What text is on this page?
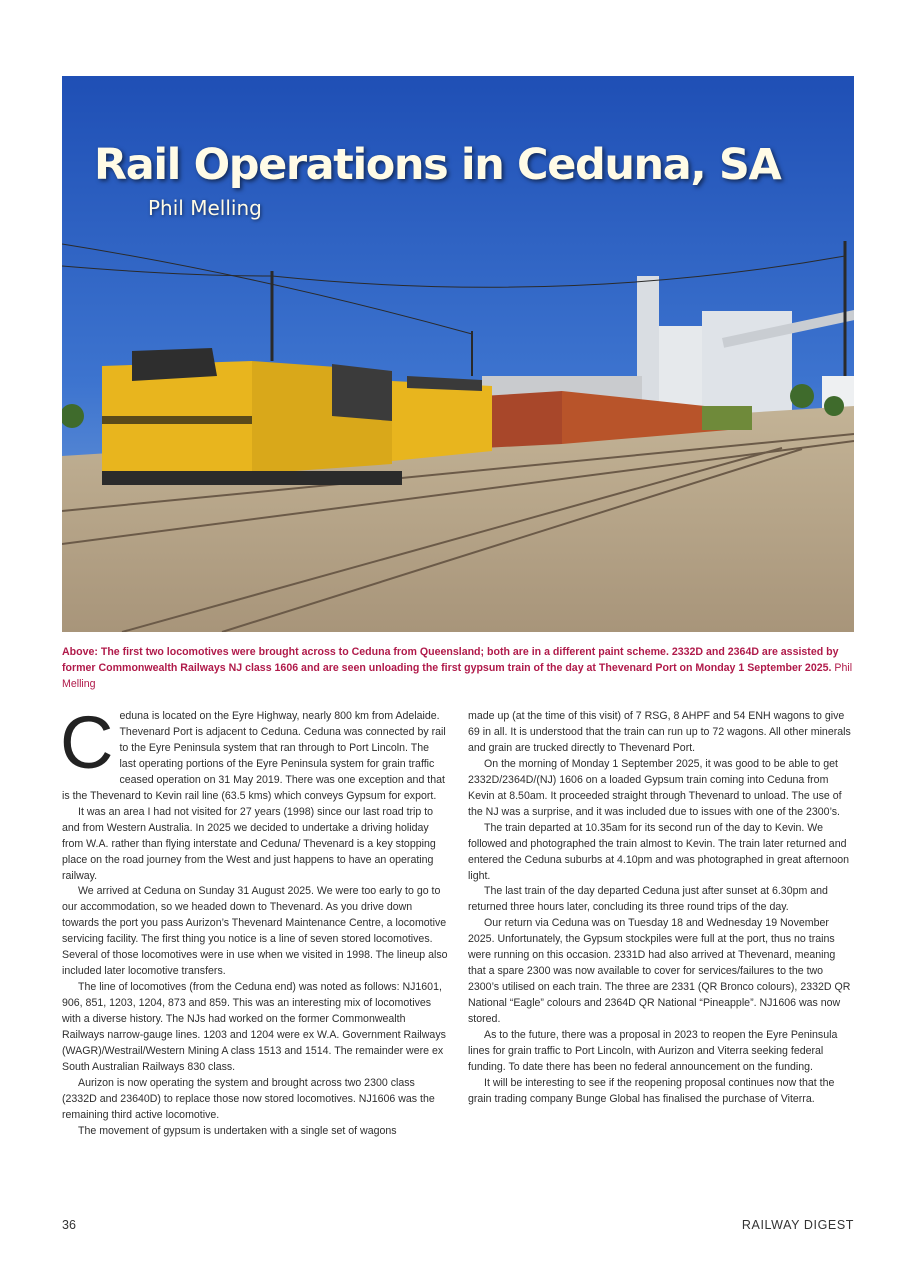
Rail Operations in Ceduna, SA
Phil Melling
Above: The first two locomotives were brought across to Ceduna from Queensland; both are in a different paint scheme. 2332D and 2364D are assisted by former Commonwealth Railways NJ class 1606 and are seen unloading the first gypsum train of the day at Thevenard Port on Monday 1 September 2025. Phil Melling

Ceduna is located on the Eyre Highway, nearly 800 km from Adelaide. Thevenard Port is adjacent to Ceduna. Ceduna was connected by rail to the Eyre Peninsula system that ran through to Port Lincoln. The last operating portions of the Eyre Peninsula system for grain traffic ceased operation on 31 May 2019. There was one exception and that is the Thevenard to Kevin rail line (63.5 kms) which conveys Gypsum for export.

It was an area I had not visited for 27 years (1998) since our last road trip to and from Western Australia. In 2025 we decided to undertake a driving holiday from W.A. rather than flying interstate and Ceduna/ Thevenard is a key stopping place on the road journey from the West and just happens to have an operating railway.

We arrived at Ceduna on Sunday 31 August 2025. We were too early to go to our accommodation, so we headed down to Thevenard. As you drive down towards the port you pass Aurizon’s Thevenard Maintenance Centre, a locomotive servicing facility. The first thing you notice is a line of seven stored locomotives. Several of those locomotives were in use when we visited in 1998. The lineup also included later locomotive transfers.

The line of locomotives (from the Ceduna end) was noted as follows: NJ1601, 906, 851, 1203, 1204, 873 and 859. This was an interesting mix of locomotives with a diverse history. The NJs had worked on the former Commonwealth Railways narrow-gauge lines. 1203 and 1204 were ex W.A. Government Railways (WAGR)/Westrail/Western Mining A class 1513 and 1514. The remainder were ex South Australian Railways 830 class.

Aurizon is now operating the system and brought across two 2300 class (2332D and 23640D) to replace those now stored locomotives. NJ1606 was the remaining third active locomotive.

The movement of gypsum is undertaken with a single set of wagons

made up (at the time of this visit) of 7 RSG, 8 AHPF and 54 ENH wagons to give 69 in all. It is understood that the train can run up to 72 wagons. All other minerals and grain are trucked directly to Thevenard Port.

On the morning of Monday 1 September 2025, it was good to be able to get 2332D/2364D/(NJ) 1606 on a loaded Gypsum train coming into Ceduna from Kevin at 8.50am. It proceeded straight through Thevenard to unload. The use of the NJ was a surprise, and it was included due to issues with one of the 2300’s.

The train departed at 10.35am for its second run of the day to Kevin. We followed and photographed the train almost to Kevin. The train later returned and entered the Ceduna suburbs at 4.10pm and was photographed in great afternoon light.

The last train of the day departed Ceduna just after sunset at 6.30pm and returned three hours later, concluding its three round trips of the day.

Our return via Ceduna was on Tuesday 18 and Wednesday 19 November 2025. Unfortunately, the Gypsum stockpiles were full at the port, thus no trains were running on this occasion. 2331D had also arrived at Thevenard, meaning that a spare 2300 was now available to cover for services/failures to the two 2300’s utilised on each train. The three are 2331 (QR Bronco colours), 2332D QR National “Eagle” colours and 2364D QR National “Pineapple”. NJ1606 was now stored.

As to the future, there was a proposal in 2023 to reopen the Eyre Peninsula lines for grain traffic to Port Lincoln, with Aurizon and Viterra seeking federal funding. To date there has been no federal announcement on the funding.

It will be interesting to see if the reopening proposal continues now that the grain trading company Bunge Global has finalised the purchase of Viterra.

36	RAILWAY DIGEST
